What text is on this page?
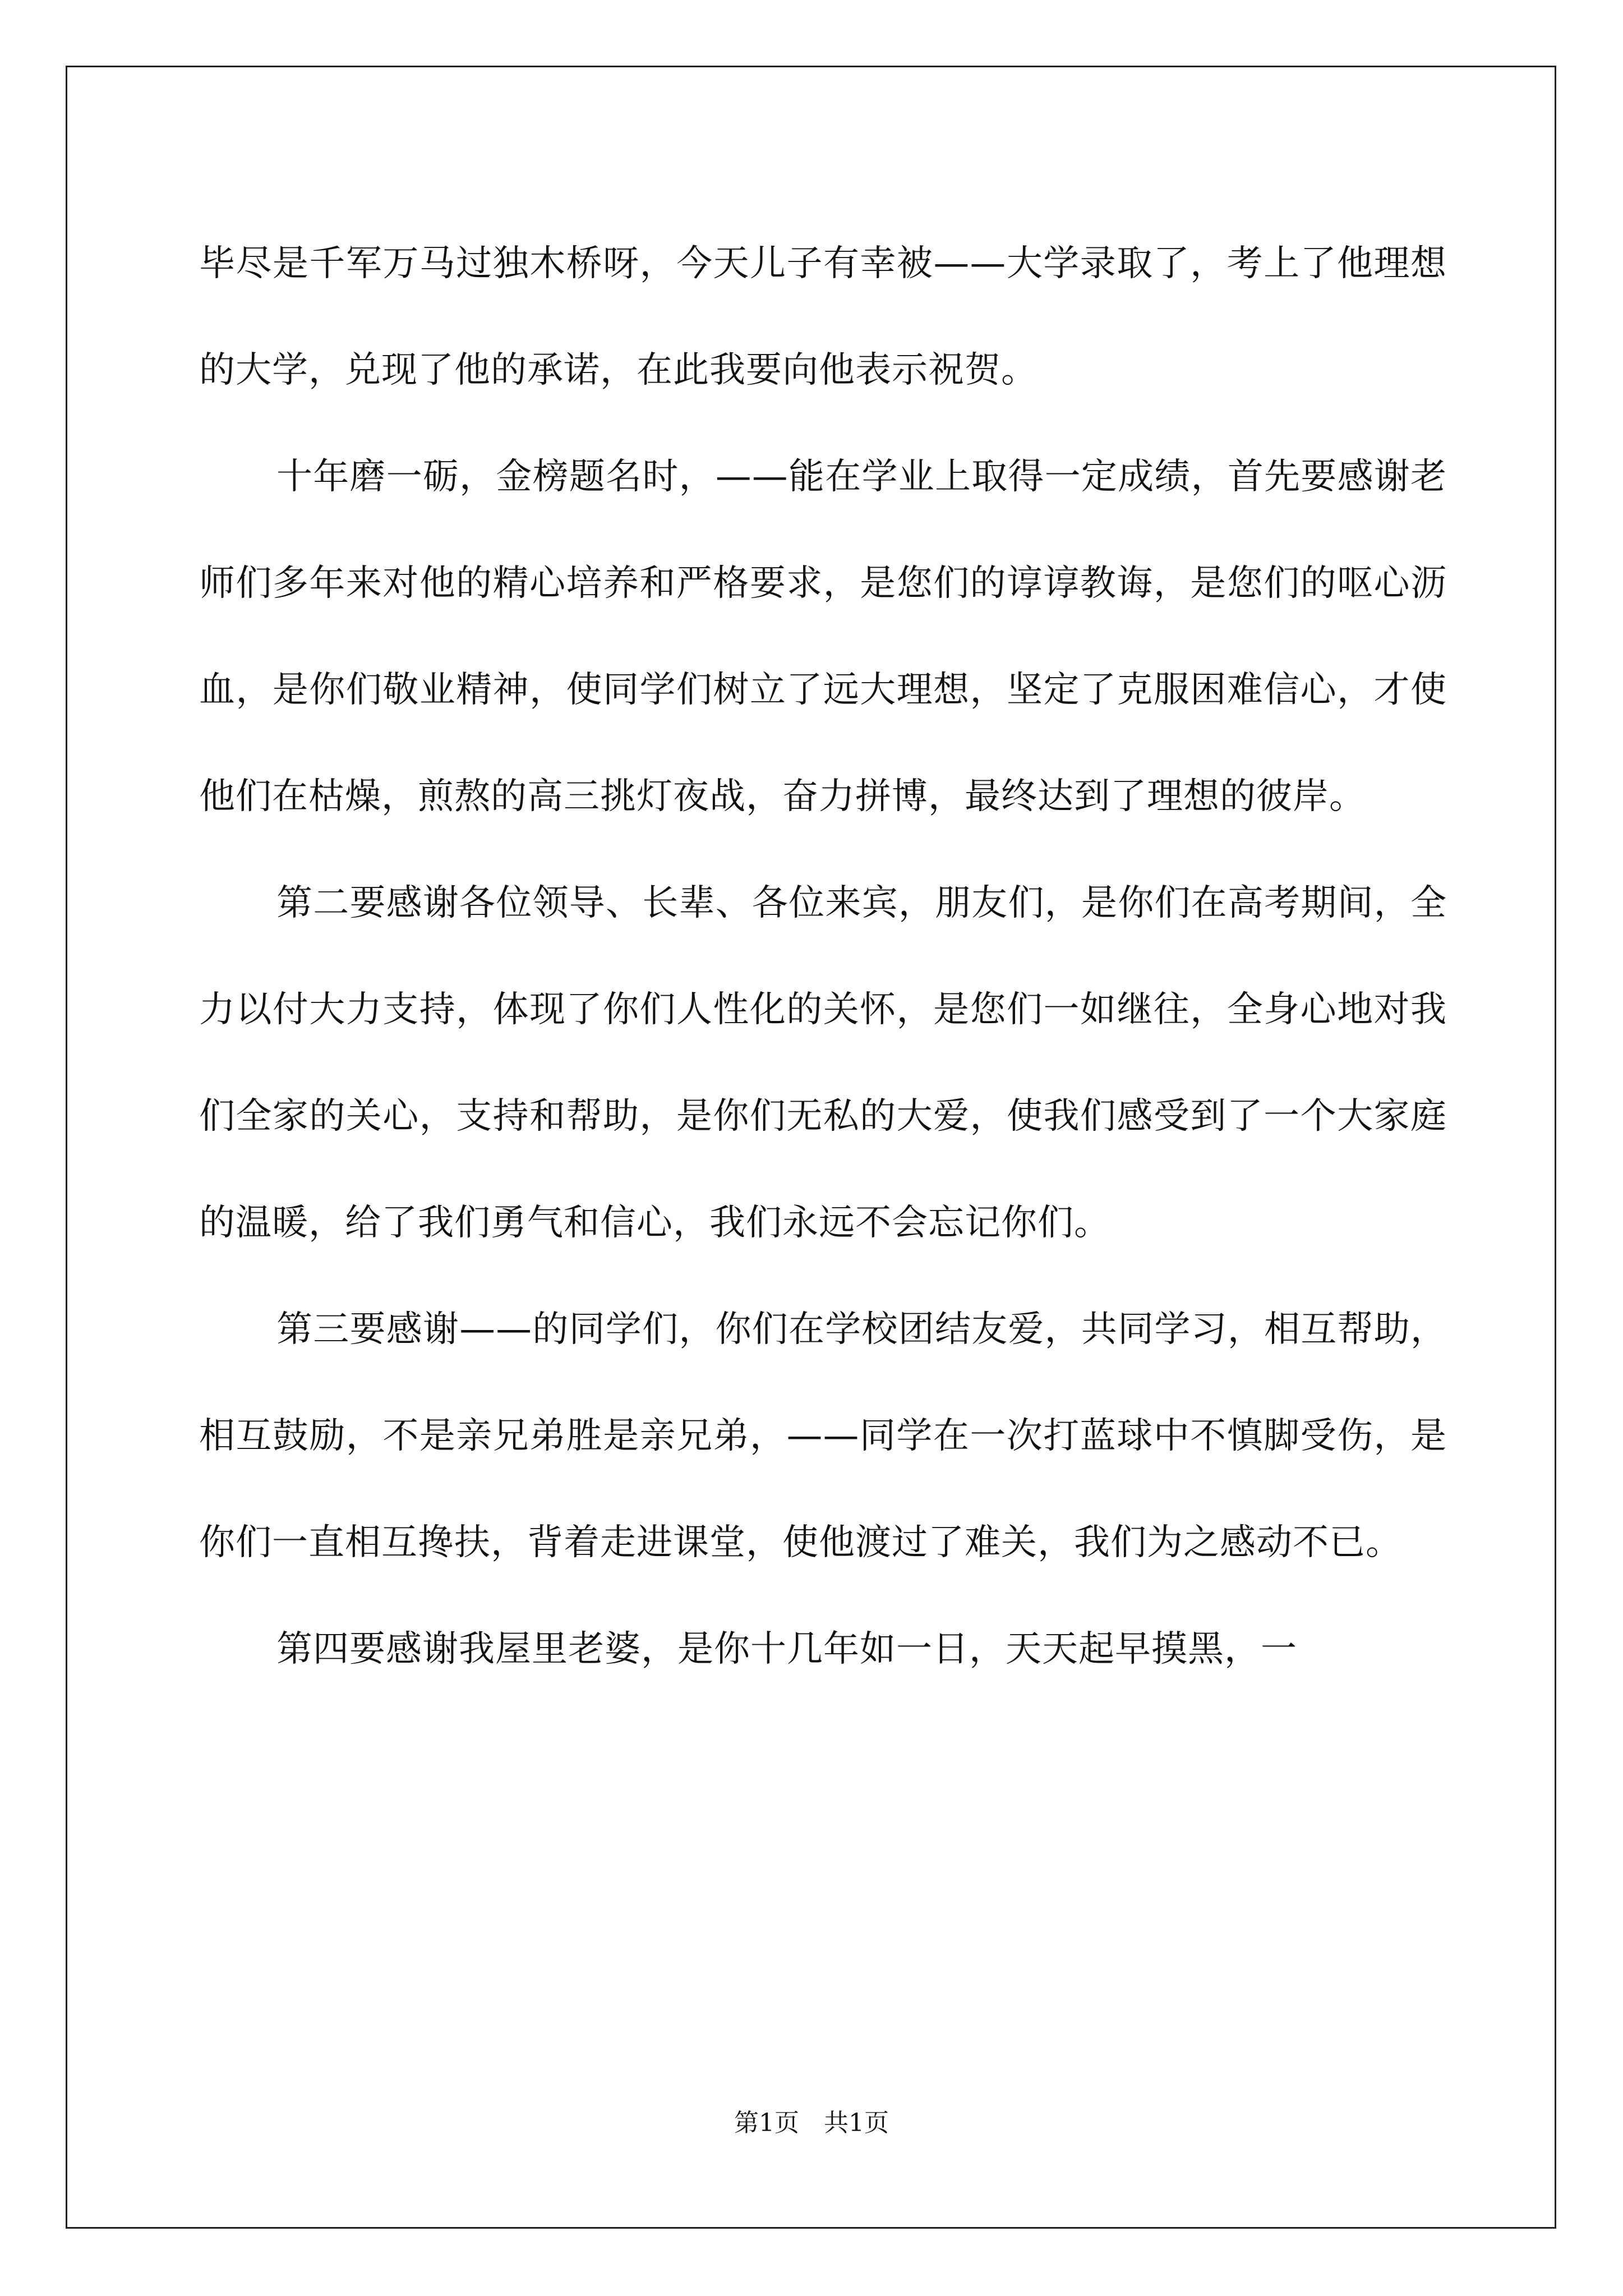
毕尽是千军万马过独木桥呀，今天儿子有幸被——大学录取了，考上了他理想的大学，兑现了他的承诺，在此我要向他表示祝贺。

十年磨一砺，金榜题名时，——能在学业上取得一定成绩，首先要感谢老师们多年来对他的精心培养和严格要求，是您们的谆谆教诲，是您们的呕心沥血，是你们敬业精神，使同学们树立了远大理想，坚定了克服困难信心，才使他们在枯燥，煎熬的高三挑灯夜战，奋力拼博，最终达到了理想的彼岸。

第二要感谢各位领导、长辈、各位来宾，朋友们，是你们在高考期间，全力以付大力支持，体现了你们人性化的关怀，是您们一如继往，全身心地对我们全家的关心，支持和帮助，是你们无私的大爱，使我们感受到了一个大家庭的温暖，给了我们勇气和信心，我们永远不会忘记你们。

第三要感谢——的同学们，你们在学校团结友爱，共同学习，相互帮助，相互鼓励，不是亲兄弟胜是亲兄弟，——同学在一次打蓝球中不慎脚受伤，是你们一直相互搀扶，背着走进课堂，使他渡过了难关，我们为之感动不已。

第四要感谢我屋里老婆，是你十几年如一日，天天起早摸黑，一

第1页　共1页
